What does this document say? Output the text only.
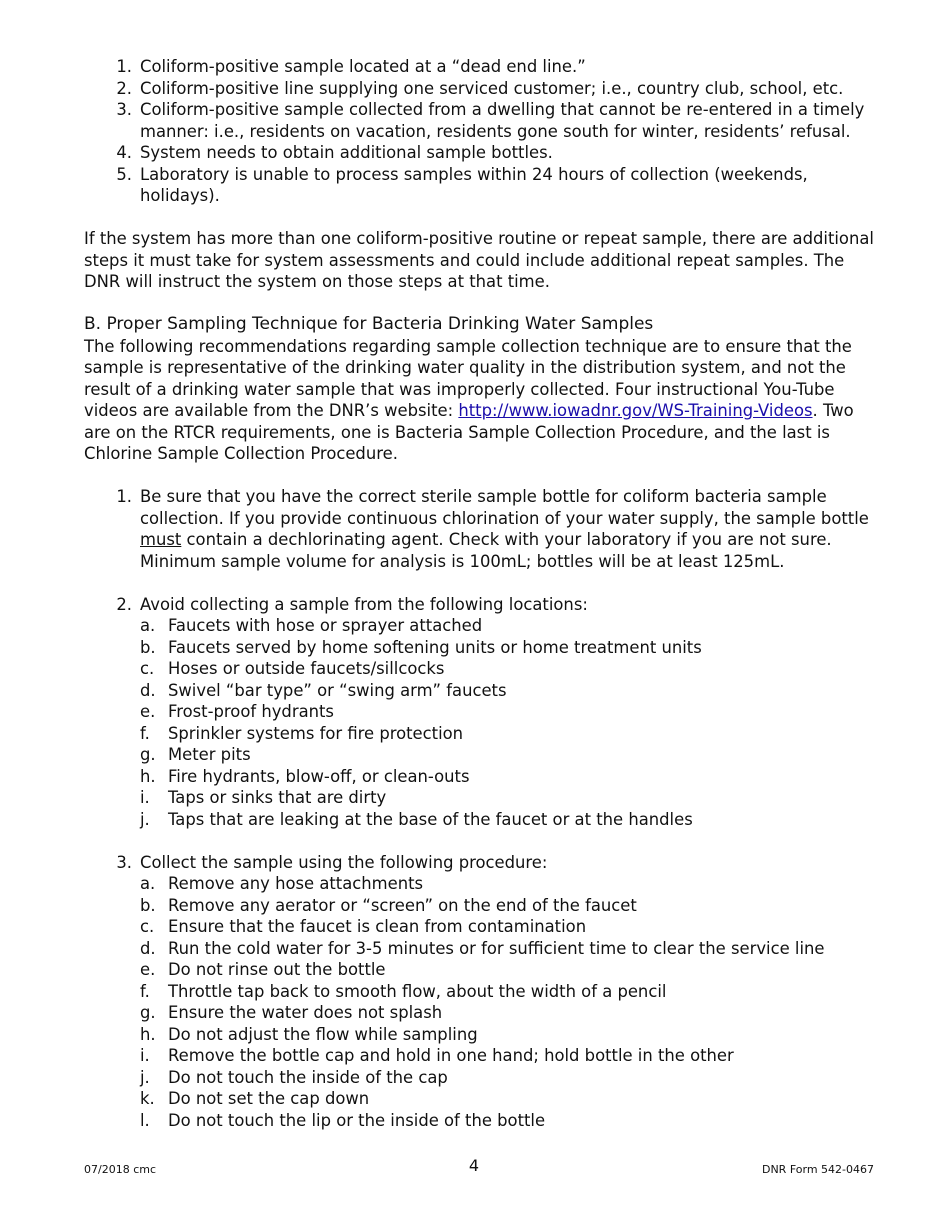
1. Coliform-positive sample located at a “dead end line.”
2. Coliform-positive line supplying one serviced customer; i.e., country club, school, etc.
3. Coliform-positive sample collected from a dwelling that cannot be re-entered in a timely manner: i.e., residents on vacation, residents gone south for winter, residents’ refusal.
4. System needs to obtain additional sample bottles.
5. Laboratory is unable to process samples within 24 hours of collection (weekends, holidays).

If the system has more than one coliform-positive routine or repeat sample, there are additional steps it must take for system assessments and could include additional repeat samples. The DNR will instruct the system on those steps at that time.

B. Proper Sampling Technique for Bacteria Drinking Water Samples

The following recommendations regarding sample collection technique are to ensure that the sample is representative of the drinking water quality in the distribution system, and not the result of a drinking water sample that was improperly collected. Four instructional You-Tube videos are available from the DNR’s website: http://www.iowadnr.gov/WS-Training-Videos. Two are on the RTCR requirements, one is Bacteria Sample Collection Procedure, and the last is Chlorine Sample Collection Procedure.

1. Be sure that you have the correct sterile sample bottle for coliform bacteria sample collection. If you provide continuous chlorination of your water supply, the sample bottle must contain a dechlorinating agent. Check with your laboratory if you are not sure. Minimum sample volume for analysis is 100mL; bottles will be at least 125mL.
2. Avoid collecting a sample from the following locations:
a. Faucets with hose or sprayer attached
b. Faucets served by home softening units or home treatment units
c. Hoses or outside faucets/sillcocks
d. Swivel “bar type” or “swing arm” faucets
e. Frost-proof hydrants
f.	Sprinkler systems for fire protection
g. Meter pits
h. Fire hydrants, blow-off, or clean-outs
i.	Taps or sinks that are dirty
j.	Taps that are leaking at the base of the faucet or at the handles
3. Collect the sample using the following procedure:
a. Remove any hose attachments
b. Remove any aerator or “screen” on the end of the faucet
c. Ensure that the faucet is clean from contamination
d. Run the cold water for 3-5 minutes or for sufficient time to clear the service line
e. Do not rinse out the bottle
f.	Throttle tap back to smooth flow, about the width of a pencil
g. Ensure the water does not splash
h. Do not adjust the flow while sampling
i.	Remove the bottle cap and hold in one hand; hold bottle in the other
j.	Do not touch the inside of the cap
k. Do not set the cap down
l.	Do not touch the lip or the inside of the bottle
07/2018 cmc	4	DNR Form 542-0467
